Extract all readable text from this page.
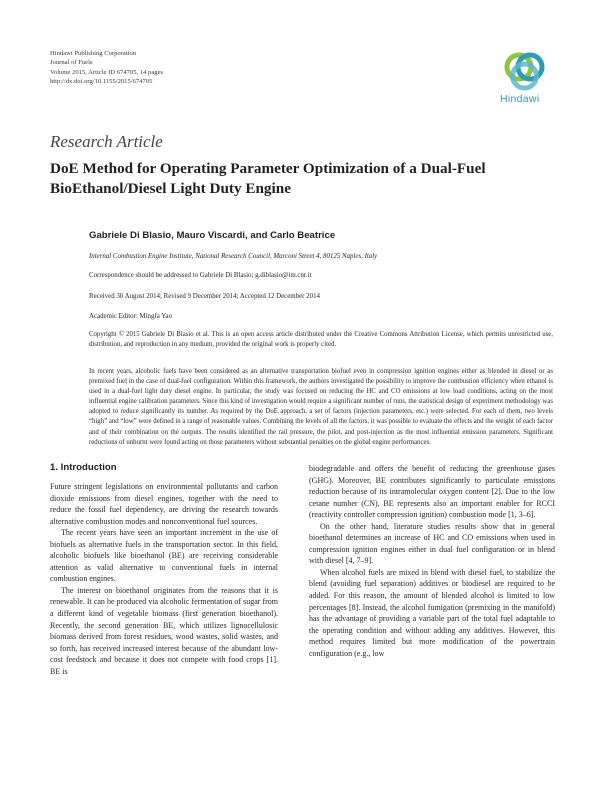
Hindawi Publishing Corporation
Journal of Fuels
Volume 2015, Article ID 674705, 14 pages
http://dx.doi.org/10.1155/2015/674705
Hindawi
Research Article
DoE Method for Operating Parameter Optimization of a Dual-Fuel BioEthanol/Diesel Light Duty Engine
Gabriele Di Blasio, Mauro Viscardi, and Carlo Beatrice
Internal Combustion Engine Institute, National Research Council, Marconi Street 4, 80125 Naples, Italy
Correspondence should be addressed to Gabriele Di Blasio; g.diblasio@im.cnr.it
Received 30 August 2014; Revised 9 December 2014; Accepted 12 December 2014
Academic Editor: Mingfa Yao
Copyright © 2015 Gabriele Di Blasio et al. This is an open access article distributed under the Creative Commons Attribution License, which permits unrestricted use, distribution, and reproduction in any medium, provided the original work is properly cited.
In recent years, alcoholic fuels have been considered as an alternative transportation biofuel even in compression ignition engines either as blended in diesel or as premixed fuel in the case of dual-fuel configuration. Within this framework, the authors investigated the possibility to improve the combustion efficiency when ethanol is used in a dual-fuel light duty diesel engine. In particular, the study was focused on reducing the HC and CO emissions at low load conditions, acting on the most influential engine calibration parameters. Since this kind of investigation would require a significant number of runs, the statistical design of experiment methodology was adopted to reduce significantly its number. As required by the DoE approach, a set of factors (injection parameters, etc.) were selected. For each of them, two levels “high” and “low” were defined in a range of reasonable values. Combining the levels of all the factors, it was possible to evaluate the effects and the weight of each factor and of their combination on the outputs. The results identified the rail pressure, the pilot, and post-injection as the most influential emission parameters. Significant reductions of unburnt were found acting on those parameters without substantial penalties on the global engine performances.
1. Introduction

Future stringent legislations on environmental pollutants and carbon dioxide emissions from diesel engines, together with the need to reduce the fossil fuel dependency, are driving the research towards alternative combustion modes and nonconventional fuel sources.

The recent years have seen an important increment in the use of biofuels as alternative fuels in the transportation sector. In this field, alcoholic biofuels like bioethanol (BE) are receiving considerable attention as valid alternative to conventional fuels in internal combustion engines.

The interest on bioethanol originates from the reasons that it is renewable. It can be produced via alcoholic fermentation of sugar from a different kind of vegetable biomass (first generation bioethanol). Recently, the second generation BE, which utilizes lignocellulosic biomass derived from forest residues, wood wastes, solid wastes, and so forth, has received increased interest because of the abundant low-cost feedstock and because it does not compete with food crops [1]. BE is

biodegradable and offers the benefit of reducing the greenhouse gases (GHG). Moreover, BE contributes significantly to particulate emissions reduction because of its intramolecular oxygen content [2]. Due to the low cetane number (CN), BE represents also an important enabler for RCCI (reactivity controller compression ignition) combustion mode [1, 3–6].

On the other hand, literature studies results show that in general bioethanol determines an increase of HC and CO emissions when used in compression ignition engines either in dual fuel configuration or in blend with diesel [4, 7–9].

When alcohol fuels are mixed in blend with diesel fuel, to stabilize the blend (avoiding fuel separation) additives or biodiesel are required to be added. For this reason, the amount of blended alcohol is limited to low percentages [8]. Instead, the alcohol fumigation (premixing in the manifold) has the advantage of providing a variable part of the total fuel adaptable to the operating condition and without adding any additives. However, this method requires limited but more modification of the powertrain configuration (e.g., low
